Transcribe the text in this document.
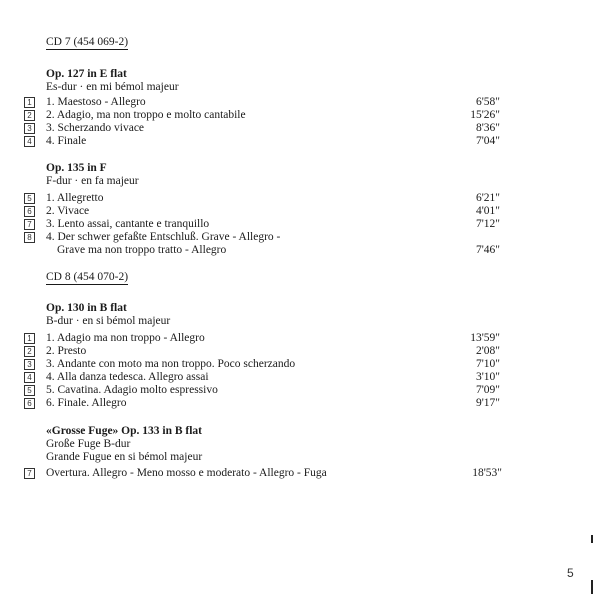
CD 7 (454 069-2)
Op. 127 in E flat
Es-dur · en mi bémol majeur
1 1. Maestoso - Allegro	6'58"
2 2. Adagio, ma non troppo e molto cantabile	15'26"
3 3. Scherzando vivace	8'36"
4 4. Finale	7'04"
Op. 135 in F
F-dur · en fa majeur
5 1. Allegretto	6'21"
6 2. Vivace	4'01"
7 3. Lento assai, cantante e tranquillo	7'12"
8 4. Der schwer gefaßte Entschluß. Grave - Allegro -
Grave ma non troppo tratto - Allegro	7'46"
CD 8 (454 070-2)
Op. 130 in B flat
B-dur · en si bémol majeur
1 1. Adagio ma non troppo - Allegro	13'59"
2 2. Presto	2'08"
3 3. Andante con moto ma non troppo. Poco scherzando	7'10"
4 4. Alla danza tedesca. Allegro assai	3'10"
5 5. Cavatina. Adagio molto espressivo	7'09"
6 6. Finale. Allegro	9'17"
«Grosse Fuge» Op. 133 in B flat
Große Fuge B-dur
Grande Fugue en si bémol majeur
7 Overtura. Allegro - Meno mosso e moderato - Allegro - Fuga	18'53"
5
